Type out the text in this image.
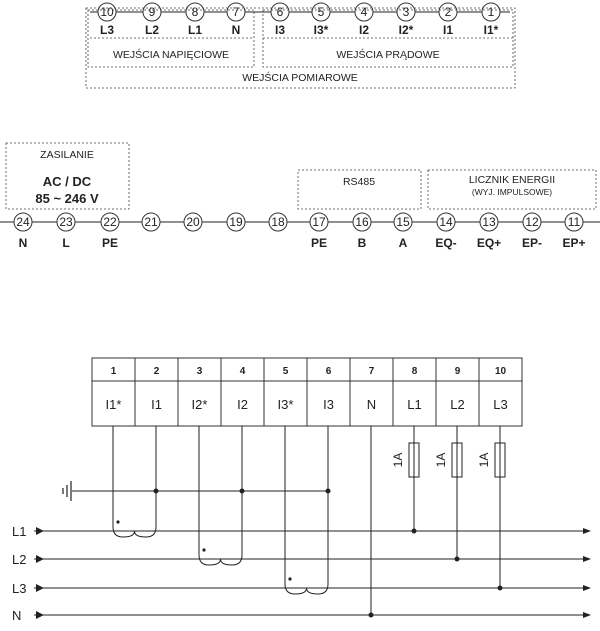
10
L3
9
L2
8
L1
7
N
6
I3
5
I3*
4
I2
3
I2*
2
I1
1
I1*
WEJŚCIA NAPIĘCIOWE	WEJŚCIA PRĄDOWE
WEJŚCIA POMIAROWE
ZASILANIE
AC / DC
85 ~ 246 V
RS485	LICZNIK ENERGII
(WYJ. IMPULSOWE)
24
N
23
L
22
PE
21 20 19 18 17
PE
16
B
15
A
14
EQ-
13
EQ+
12
EP-
11
EP+
1
I1*
2
I1
3
I2*
4
I2
5
I3*
6
I3
7
N
8
L1
9
L2
10
L3
L1
L2
L3
N
1A 1A 1A
